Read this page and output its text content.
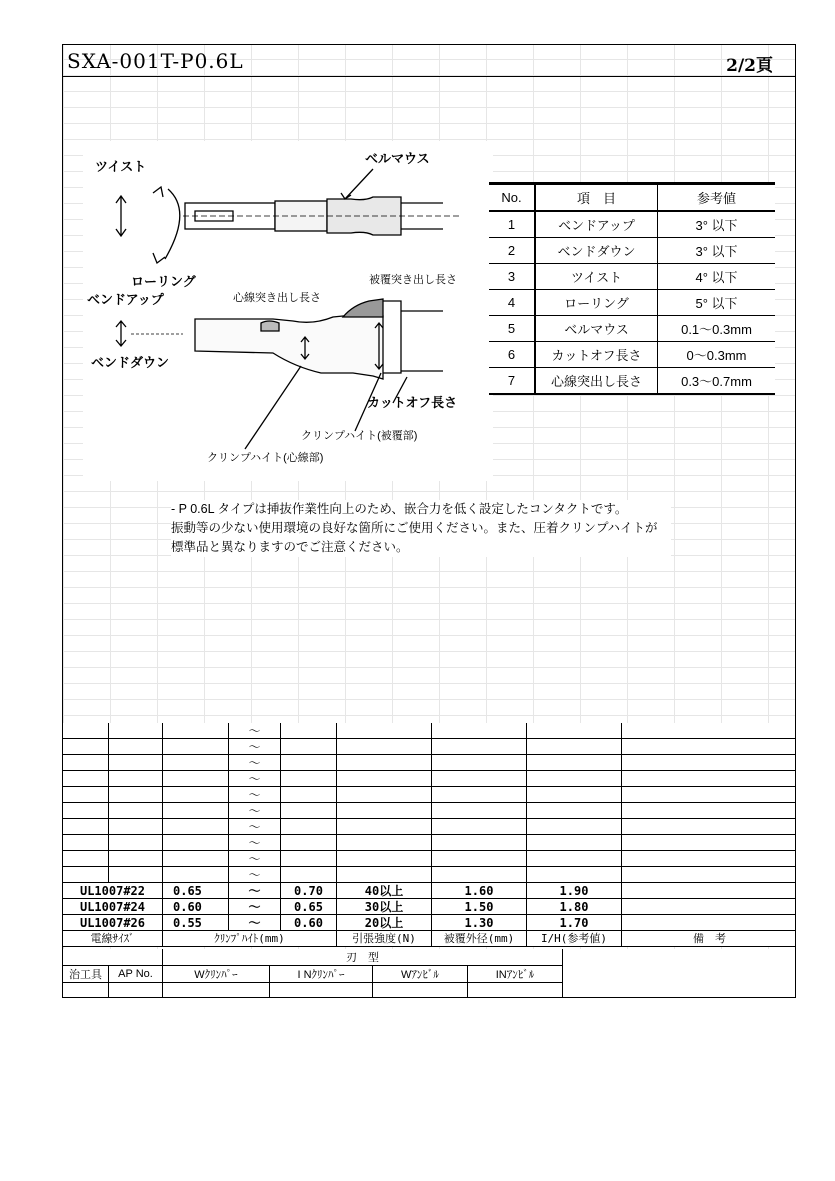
SXA-001T-P0.6L	2/2頁
ツイスト
ベルマウス
ローリング
ベンドアップ
ベンドダウン
カットオフ長さ
心線突き出し長さ
被覆突き出し長さ
クリンプハイト(被覆部)
クリンプハイト(心線部)
No.	項　目	参考値
1	ベンドアップ	3° 以下
2	ベンドダウン	3° 以下
3	ツイスト	4° 以下
4	ローリング	5° 以下
5	ベルマウス	0.1～0.3mm
6	カットオフ長さ	0～0.3mm
7	心線突出し長さ	0.3～0.7mm
- P 0.6L タイプは挿抜作業性向上のため、嵌合力を低く設定したコンタクトです。
振動等の少ない使用環境の良好な箇所にご使用ください。また、圧着クリンプハイトが
標準品と異なりますのでご注意ください。
			～					
			～					
			～					
			～					
			～					
			～					
			～					
			～					
			～					
			～					
UL1007#22		0.65	～	0.70	40以上	1.60	1.90	
UL1007#24		0.60	～	0.65	30以上	1.50	1.80	
UL1007#26		0.55	～	0.60	20以上	1.30	1.70	
電線ｻｲｽﾞ		ｸﾘﾝﾌﾟﾊｲﾄ(mm)			引張強度(N)	被覆外径(mm)	I/H(参考値)	備　考
		刃　型				
治工具	AP No.	Wｸﾘﾝﾊﾟｰ	I Nｸﾘﾝﾊﾟｰ	Wｱﾝﾋﾞﾙ	INｱﾝﾋﾞﾙ	
